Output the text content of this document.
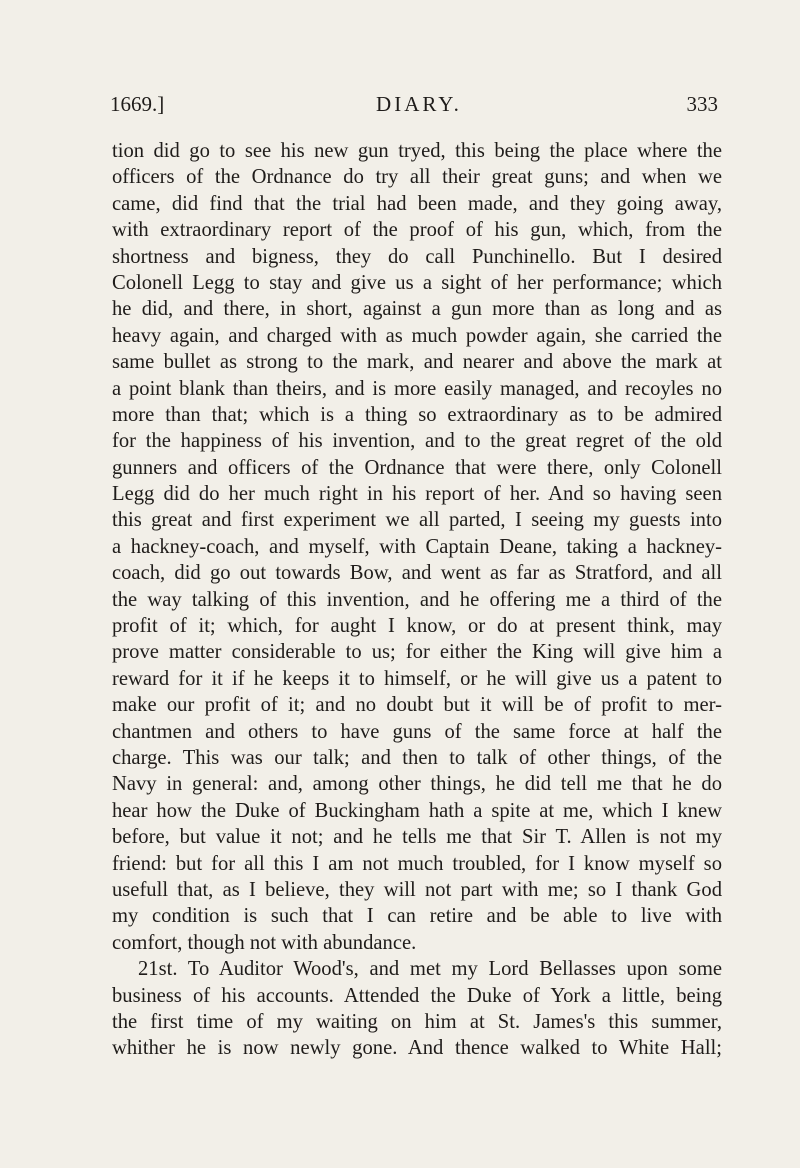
1669.]	DIARY.	333
tion did go to see his new gun tryed, this being the place where the
officers of the Ordnance do try all their great guns; and when we
came, did find that the trial had been made, and they going away,
with extraordinary report of the proof of his gun, which, from the
shortness and bigness, they do call Punchinello. But I desired
Colonell Legg to stay and give us a sight of her performance; which
he did, and there, in short, against a gun more than as long and as
heavy again, and charged with as much powder again, she carried the
same bullet as strong to the mark, and nearer and above the mark at
a point blank than theirs, and is more easily managed, and recoyles no
more than that; which is a thing so extraordinary as to be admired
for the happiness of his invention, and to the great regret of the old
gunners and officers of the Ordnance that were there, only Colonell
Legg did do her much right in his report of her. And so having seen
this great and first experiment we all parted, I seeing my guests into
a hackney-coach, and myself, with Captain Deane, taking a hackney-
coach, did go out towards Bow, and went as far as Stratford, and all
the way talking of this invention, and he offering me a third of the
profit of it; which, for aught I know, or do at present think, may
prove matter considerable to us; for either the King will give him a
reward for it if he keeps it to himself, or he will give us a patent to
make our profit of it; and no doubt but it will be of profit to mer-
chantmen and others to have guns of the same force at half the
charge. This was our talk; and then to talk of other things, of the
Navy in general: and, among other things, he did tell me that he do
hear how the Duke of Buckingham hath a spite at me, which I knew
before, but value it not; and he tells me that Sir T. Allen is not my
friend: but for all this I am not much troubled, for I know myself so
usefull that, as I believe, they will not part with me; so I thank God
my condition is such that I can retire and be able to live with
comfort, though not with abundance.
21st. To Auditor Wood's, and met my Lord Bellasses upon some
business of his accounts. Attended the Duke of York a little, being
the first time of my waiting on him at St. James's this summer,
whither he is now newly gone. And thence walked to White Hall;
